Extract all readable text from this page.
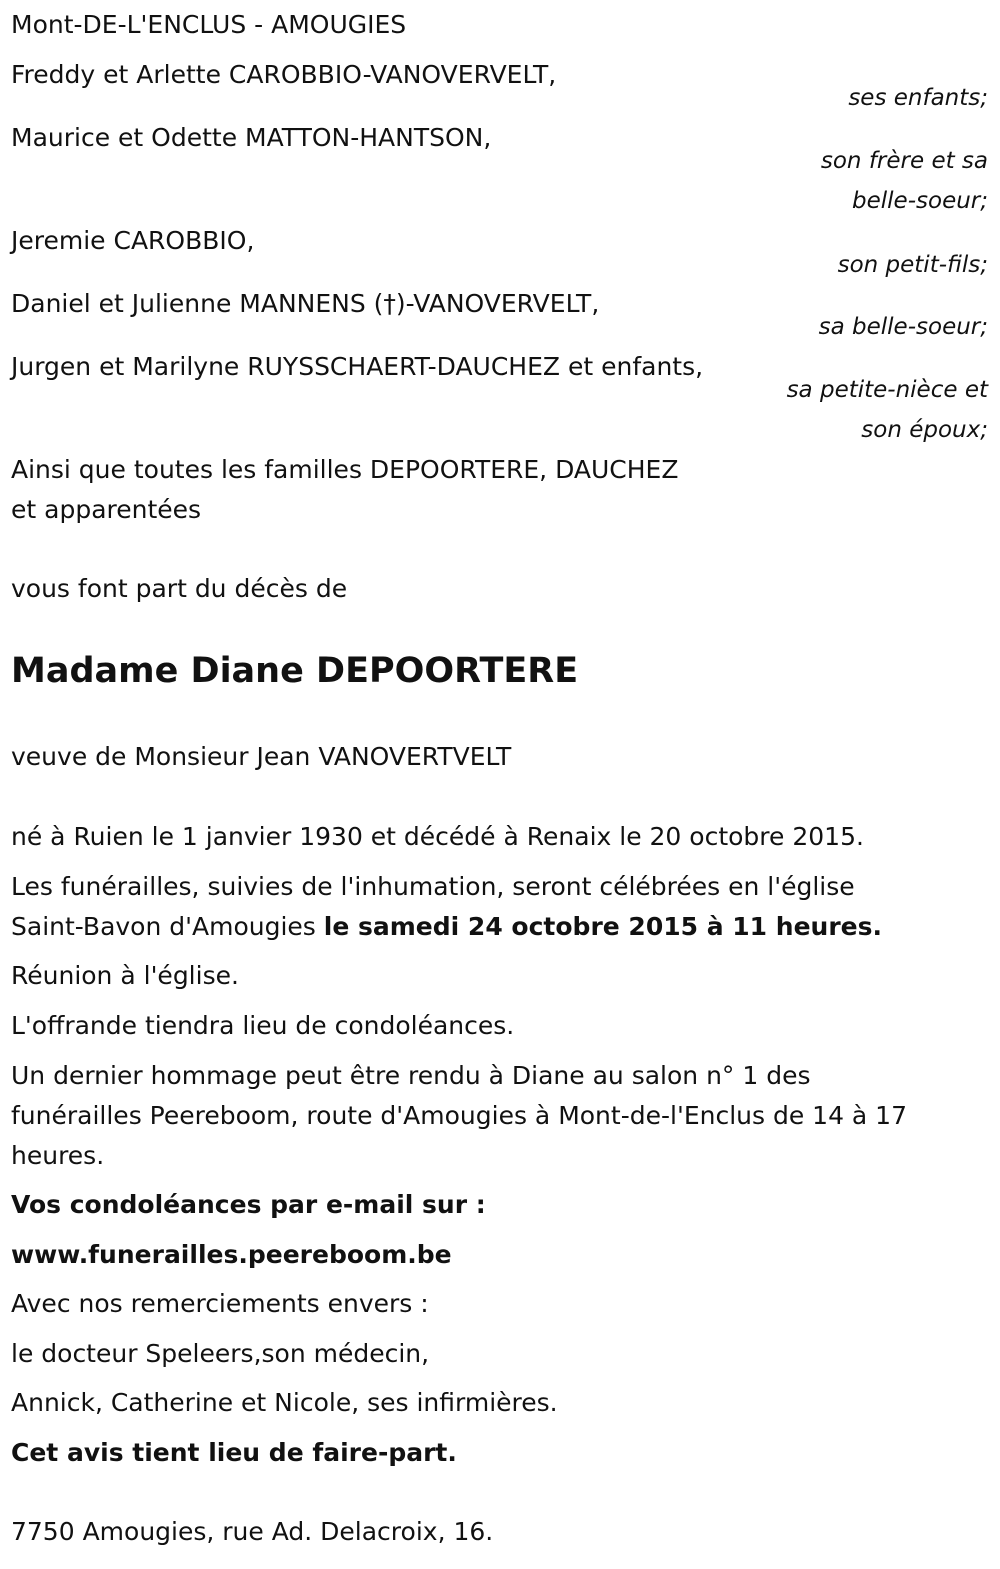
Mont-DE-L'ENCLUS - AMOUGIES
Freddy et Arlette CAROBBIO-VANOVERVELT,
ses enfants;
Maurice et Odette MATTON-HANTSON,
son frère et sa
belle-soeur;
Jeremie CAROBBIO,
son petit-fils;
Daniel et Julienne MANNENS (†)-VANOVERVELT,
sa belle-soeur;
Jurgen et Marilyne RUYSSCHAERT-DAUCHEZ et enfants,
sa petite-nièce et
son époux;
Ainsi que toutes les familles DEPOORTERE, DAUCHEZ
et apparentées
vous font part du décès de
Madame Diane DEPOORTERE
veuve de Monsieur Jean VANOVERTVELT
né à Ruien le 1 janvier 1930 et décédé à Renaix le 20 octobre 2015.
Les funérailles, suivies de l'inhumation, seront célébrées en l'église
Saint-Bavon d'Amougies le samedi 24 octobre 2015 à 11 heures.
Réunion à l'église.
L'offrande tiendra lieu de condoléances.
Un dernier hommage peut être rendu à Diane au salon n° 1 des
funérailles Peereboom, route d'Amougies à Mont-de-l'Enclus de 14 à 17
heures.
Vos condoléances par e-mail sur :
www.funerailles.peereboom.be
Avec nos remerciements envers :
le docteur Speleers,son médecin,
Annick, Catherine et Nicole, ses infirmières.
Cet avis tient lieu de faire-part.
7750 Amougies, rue Ad. Delacroix, 16.
